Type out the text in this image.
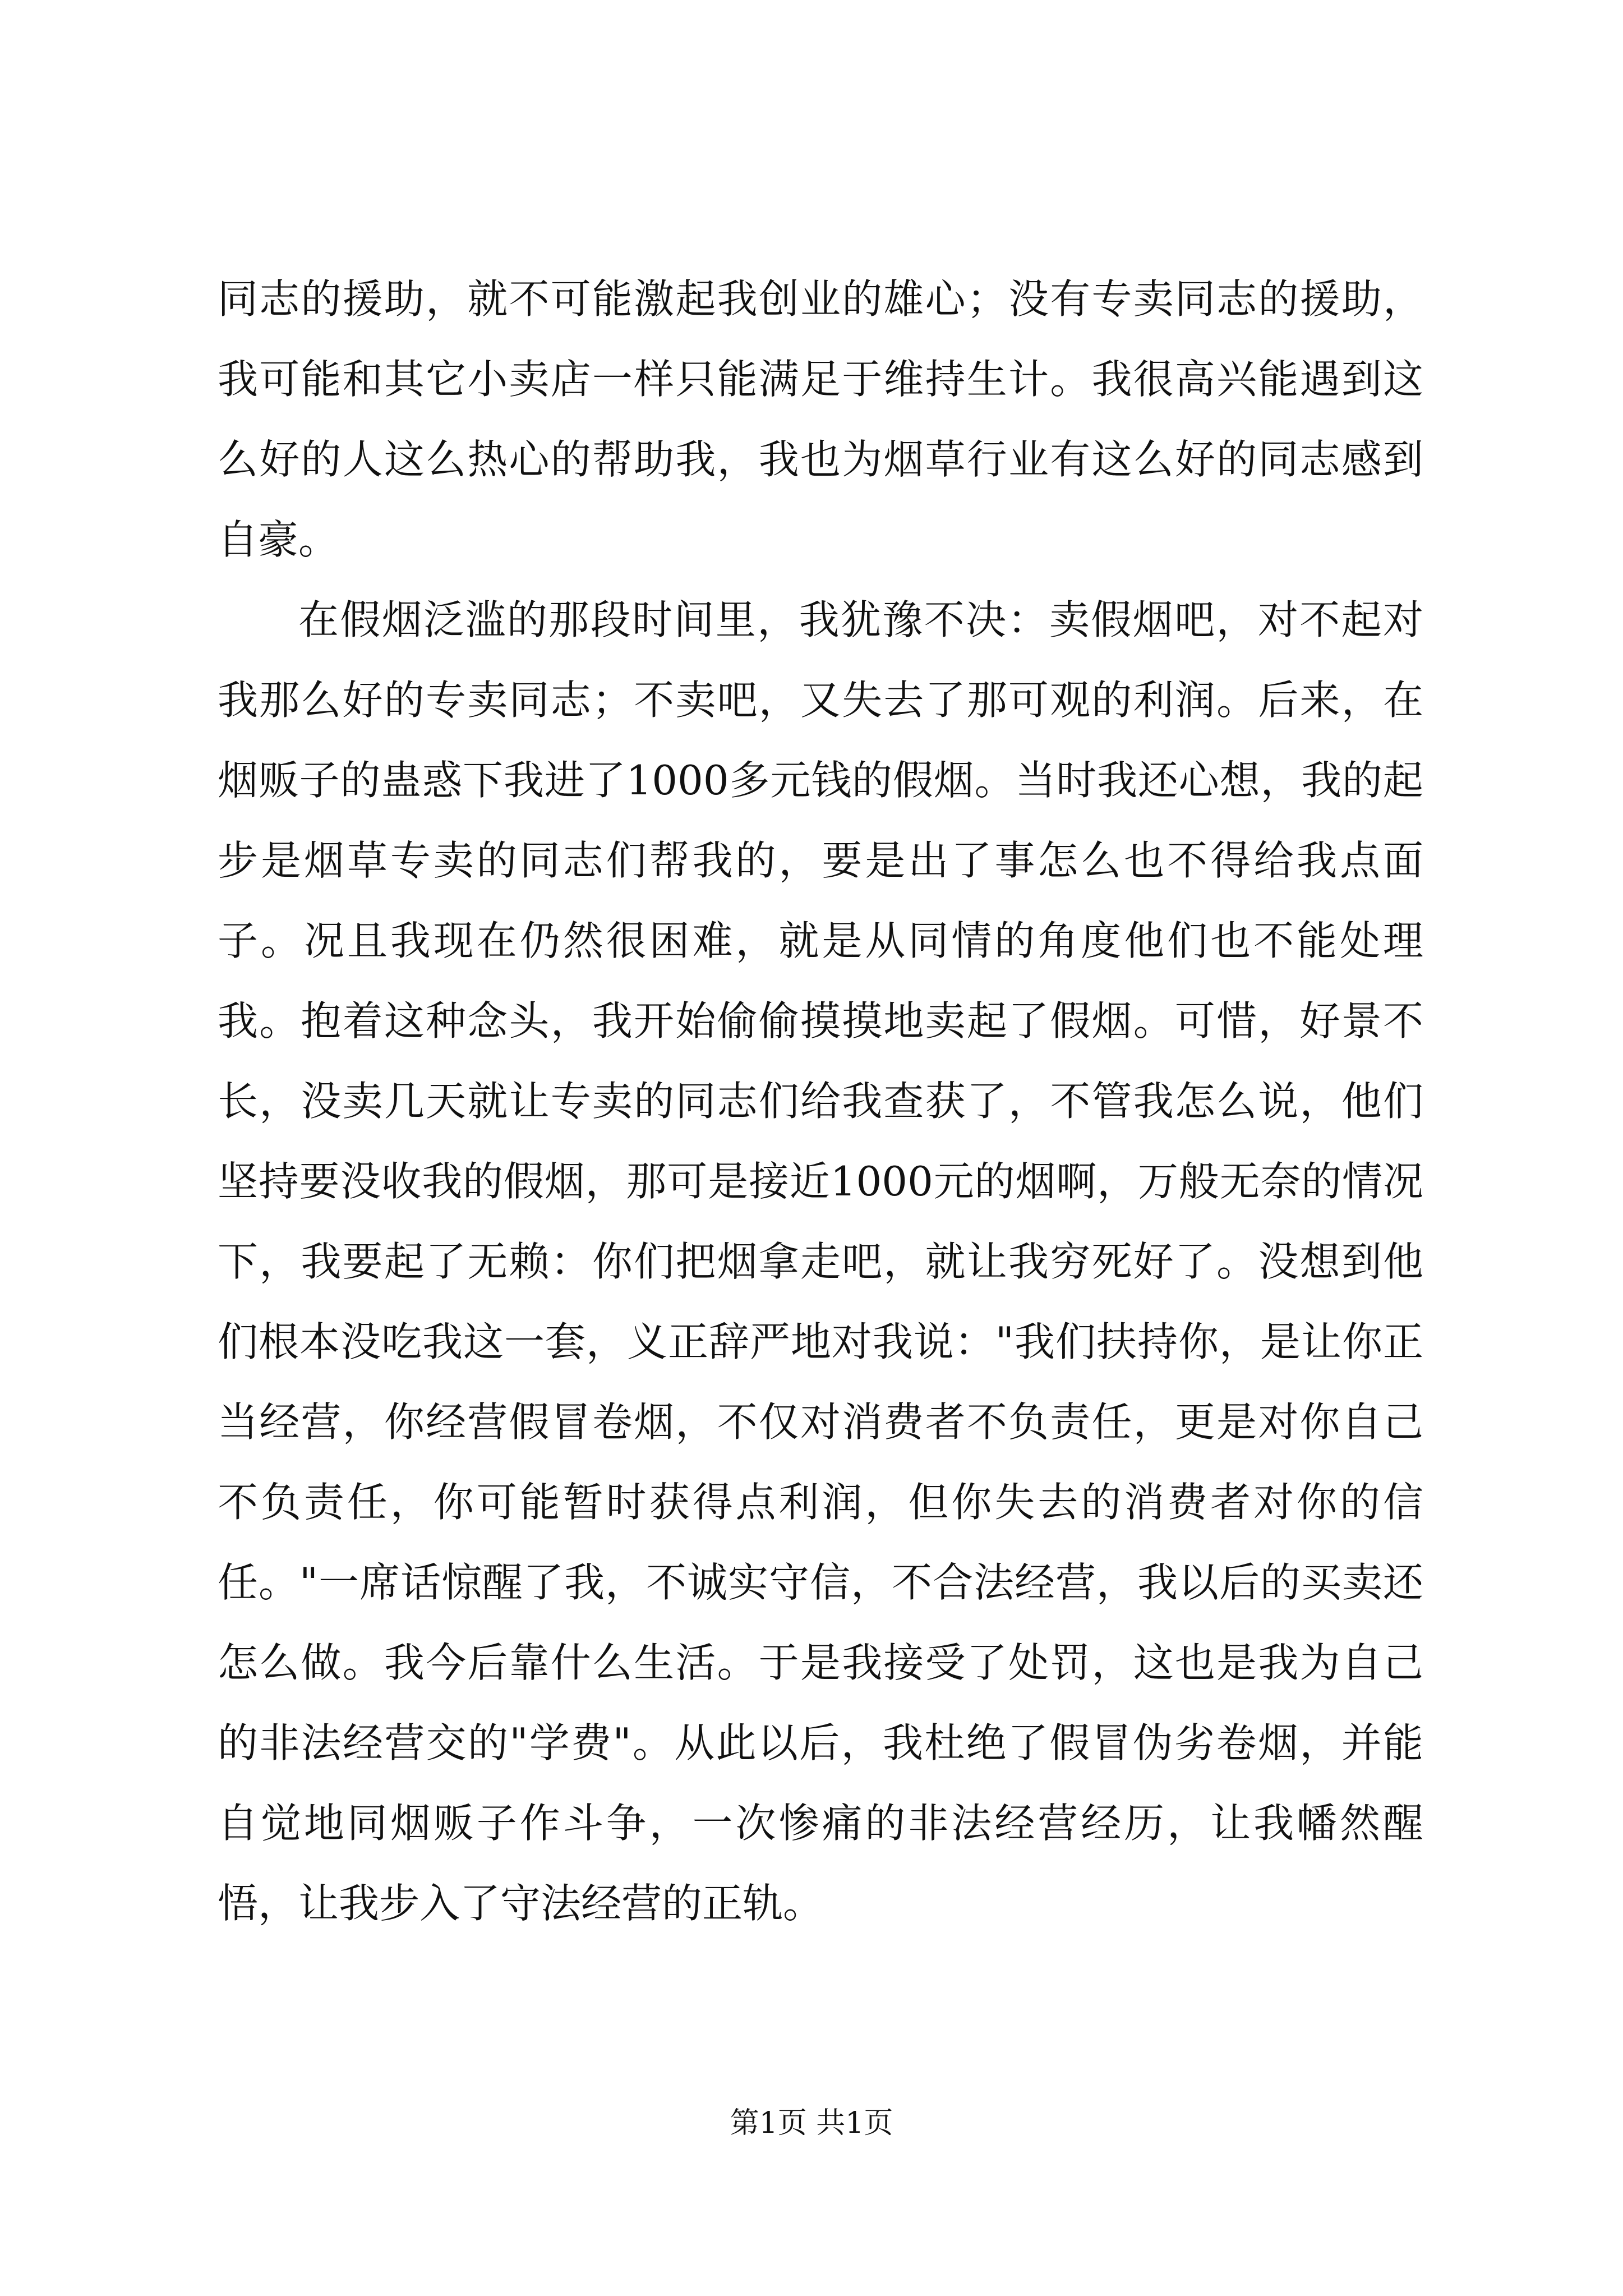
同志的援助，就不可能激起我创业的雄心；没有专卖同志的援助，我可能和其它小卖店一样只能满足于维持生计。我很高兴能遇到这么好的人这么热心的帮助我，我也为烟草行业有这么好的同志感到自豪。

在假烟泛滥的那段时间里，我犹豫不决：卖假烟吧，对不起对我那么好的专卖同志；不卖吧，又失去了那可观的利润。后来，在烟贩子的蛊惑下我进了1000多元钱的假烟。当时我还心想，我的起步是烟草专卖的同志们帮我的，要是出了事怎么也不得给我点面子。况且我现在仍然很困难，就是从同情的角度他们也不能处理我。抱着这种念头，我开始偷偷摸摸地卖起了假烟。可惜，好景不长，没卖几天就让专卖的同志们给我查获了，不管我怎么说，他们坚持要没收我的假烟，那可是接近1000元的烟啊，万般无奈的情况下，我要起了无赖：你们把烟拿走吧，就让我穷死好了。没想到他们根本没吃我这一套，义正辞严地对我说："我们扶持你，是让你正当经营，你经营假冒卷烟，不仅对消费者不负责任，更是对你自己不负责任，你可能暂时获得点利润，但你失去的消费者对你的信任。"一席话惊醒了我，不诚实守信，不合法经营，我以后的买卖还怎么做。我今后靠什么生活。于是我接受了处罚，这也是我为自己的非法经营交的"学费"。从此以后，我杜绝了假冒伪劣卷烟，并能自觉地同烟贩子作斗争，一次惨痛的非法经营经历，让我幡然醒悟，让我步入了守法经营的正轨。

第1页 共1页
